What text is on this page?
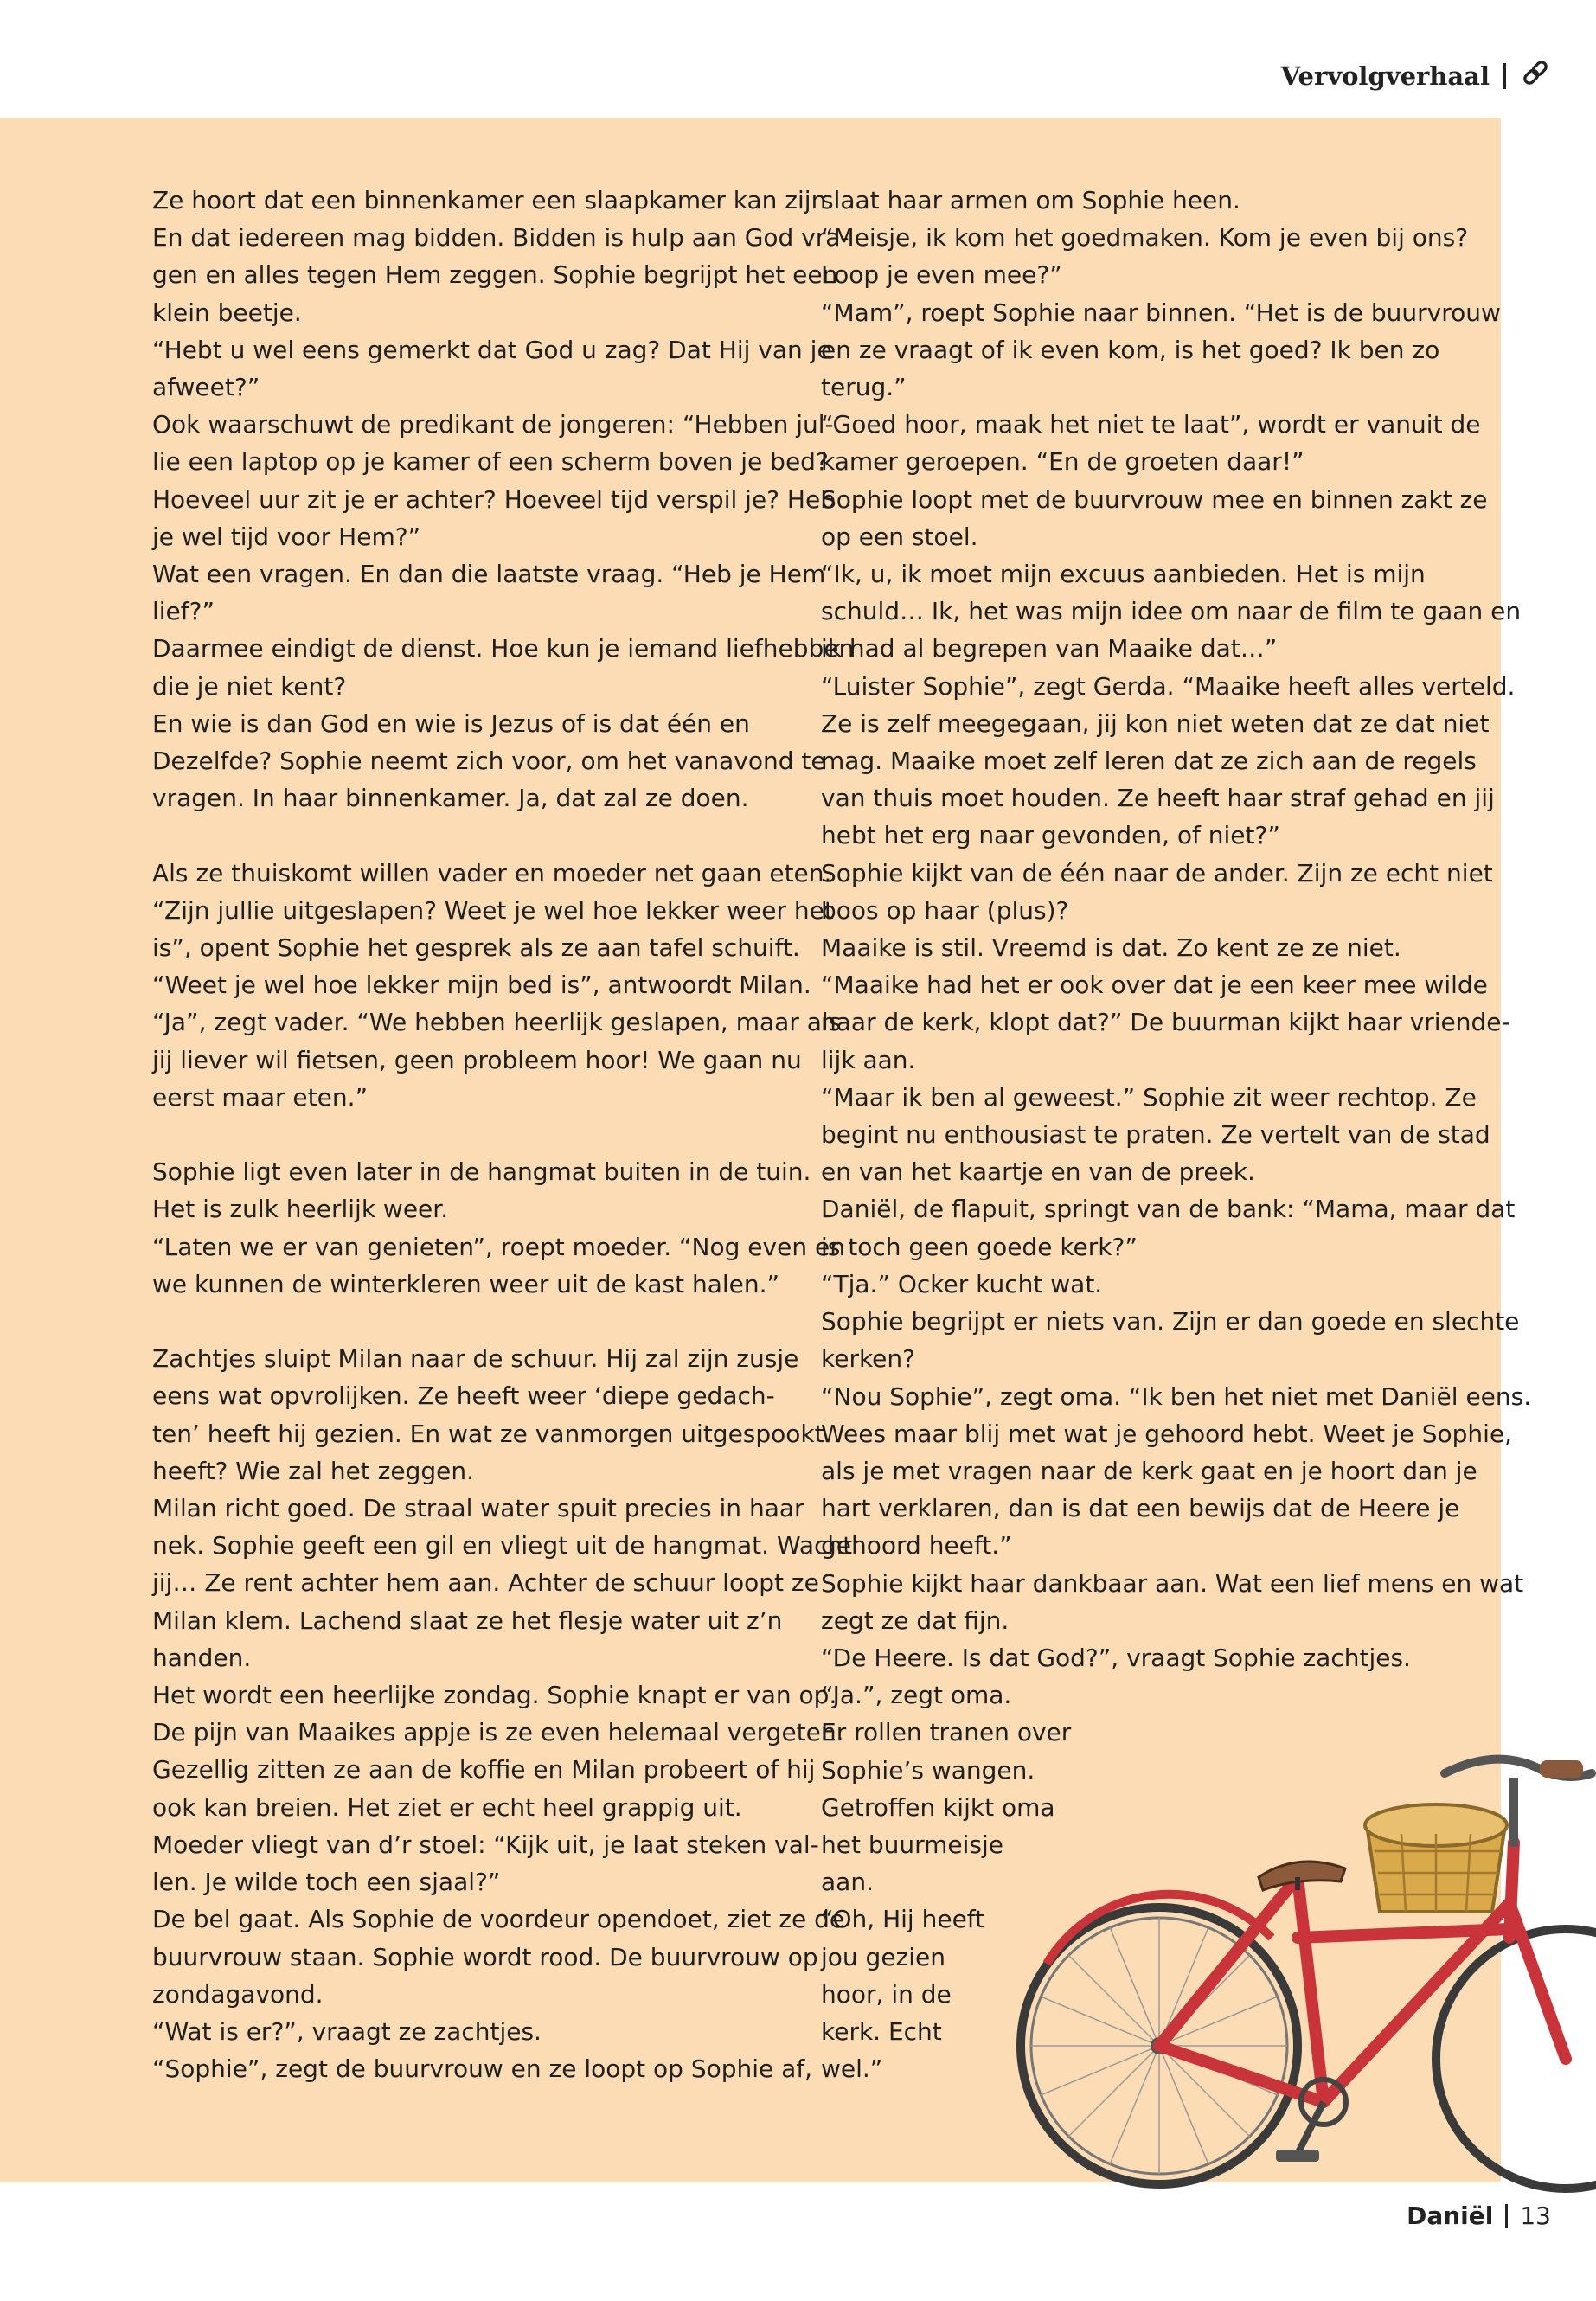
Vervolgverhaal

Ze hoort dat een binnenkamer een slaapkamer kan zijn.

En dat iedereen mag bidden. Bidden is hulp aan God vra-

gen en alles tegen Hem zeggen. Sophie begrijpt het een

klein beetje.

“Hebt u wel eens gemerkt dat God u zag? Dat Hij van je

afweet?”

Ook waarschuwt de predikant de jongeren: “Hebben jul-

lie een laptop op je kamer of een scherm boven je bed?

Hoeveel uur zit je er achter? Hoeveel tijd verspil je? Heb

je wel tijd voor Hem?”

Wat een vragen. En dan die laatste vraag. “Heb je Hem

lief?”

Daarmee eindigt de dienst. Hoe kun je iemand liefhebben

die je niet kent?

En wie is dan God en wie is Jezus of is dat één en

Dezelfde? Sophie neemt zich voor, om het vanavond te

vragen. In haar binnenkamer. Ja, dat zal ze doen.

Als ze thuiskomt willen vader en moeder net gaan eten.

“Zijn jullie uitgeslapen? Weet je wel hoe lekker weer het

is”, opent Sophie het gesprek als ze aan tafel schuift.

“Weet je wel hoe lekker mijn bed is”, antwoordt Milan.

“Ja”, zegt vader. “We hebben heerlijk geslapen, maar als

jij liever wil fietsen, geen probleem hoor! We gaan nu

eerst maar eten.”

Sophie ligt even later in de hangmat buiten in de tuin.

Het is zulk heerlijk weer.

“Laten we er van genieten”, roept moeder. “Nog even en

we kunnen de winterkleren weer uit de kast halen.”

Zachtjes sluipt Milan naar de schuur. Hij zal zijn zusje

eens wat opvrolijken. Ze heeft weer ‘diepe gedach-

ten’ heeft hij gezien. En wat ze vanmorgen uitgespookt

heeft? Wie zal het zeggen.

Milan richt goed. De straal water spuit precies in haar

nek. Sophie geeft een gil en vliegt uit de hangmat. Wacht

jij… Ze rent achter hem aan. Achter de schuur loopt ze

Milan klem. Lachend slaat ze het flesje water uit z’n

handen.

Het wordt een heerlijke zondag. Sophie knapt er van op.

De pijn van Maaikes appje is ze even helemaal vergeten.

Gezellig zitten ze aan de koffie en Milan probeert of hij

ook kan breien. Het ziet er echt heel grappig uit.

Moeder vliegt van d’r stoel: “Kijk uit, je laat steken val-

len. Je wilde toch een sjaal?”

De bel gaat. Als Sophie de voordeur opendoet, ziet ze de

buurvrouw staan. Sophie wordt rood. De buurvrouw op

zondagavond.

“Wat is er?”, vraagt ze zachtjes.

“Sophie”, zegt de buurvrouw en ze loopt op Sophie af,

slaat haar armen om Sophie heen.

“Meisje, ik kom het goedmaken. Kom je even bij ons?

Loop je even mee?”

“Mam”, roept Sophie naar binnen. “Het is de buurvrouw

en ze vraagt of ik even kom, is het goed? Ik ben zo

terug.”

“Goed hoor, maak het niet te laat”, wordt er vanuit de

kamer geroepen. “En de groeten daar!”

Sophie loopt met de buurvrouw mee en binnen zakt ze

op een stoel.

“Ik, u, ik moet mijn excuus aanbieden. Het is mijn

schuld… Ik, het was mijn idee om naar de film te gaan en

ik had al begrepen van Maaike dat…”

“Luister Sophie”, zegt Gerda. “Maaike heeft alles verteld.

Ze is zelf meegegaan, jij kon niet weten dat ze dat niet

mag. Maaike moet zelf leren dat ze zich aan de regels

van thuis moet houden. Ze heeft haar straf gehad en jij

hebt het erg naar gevonden, of niet?”

Sophie kijkt van de één naar de ander. Zijn ze echt niet

boos op haar (plus)?

Maaike is stil. Vreemd is dat. Zo kent ze ze niet.

“Maaike had het er ook over dat je een keer mee wilde

naar de kerk, klopt dat?” De buurman kijkt haar vriende-

lijk aan.

“Maar ik ben al geweest.” Sophie zit weer rechtop. Ze

begint nu enthousiast te praten. Ze vertelt van de stad

en van het kaartje en van de preek.

Daniël, de flapuit, springt van de bank: “Mama, maar dat

is toch geen goede kerk?”

“Tja.” Ocker kucht wat.

Sophie begrijpt er niets van. Zijn er dan goede en slechte

kerken?

“Nou Sophie”, zegt oma. “Ik ben het niet met Daniël eens.

Wees maar blij met wat je gehoord hebt. Weet je Sophie,

als je met vragen naar de kerk gaat en je hoort dan je

hart verklaren, dan is dat een bewijs dat de Heere je

gehoord heeft.”

Sophie kijkt haar dankbaar aan. Wat een lief mens en wat

zegt ze dat fijn.

“De Heere. Is dat God?”, vraagt Sophie zachtjes.

“Ja.”, zegt oma.

Er rollen tranen over

Sophie’s wangen.

Getroffen kijkt oma

het buurmeisje

aan.

“Oh, Hij heeft

jou gezien

hoor, in de

kerk. Echt

wel.”

Daniël 13
